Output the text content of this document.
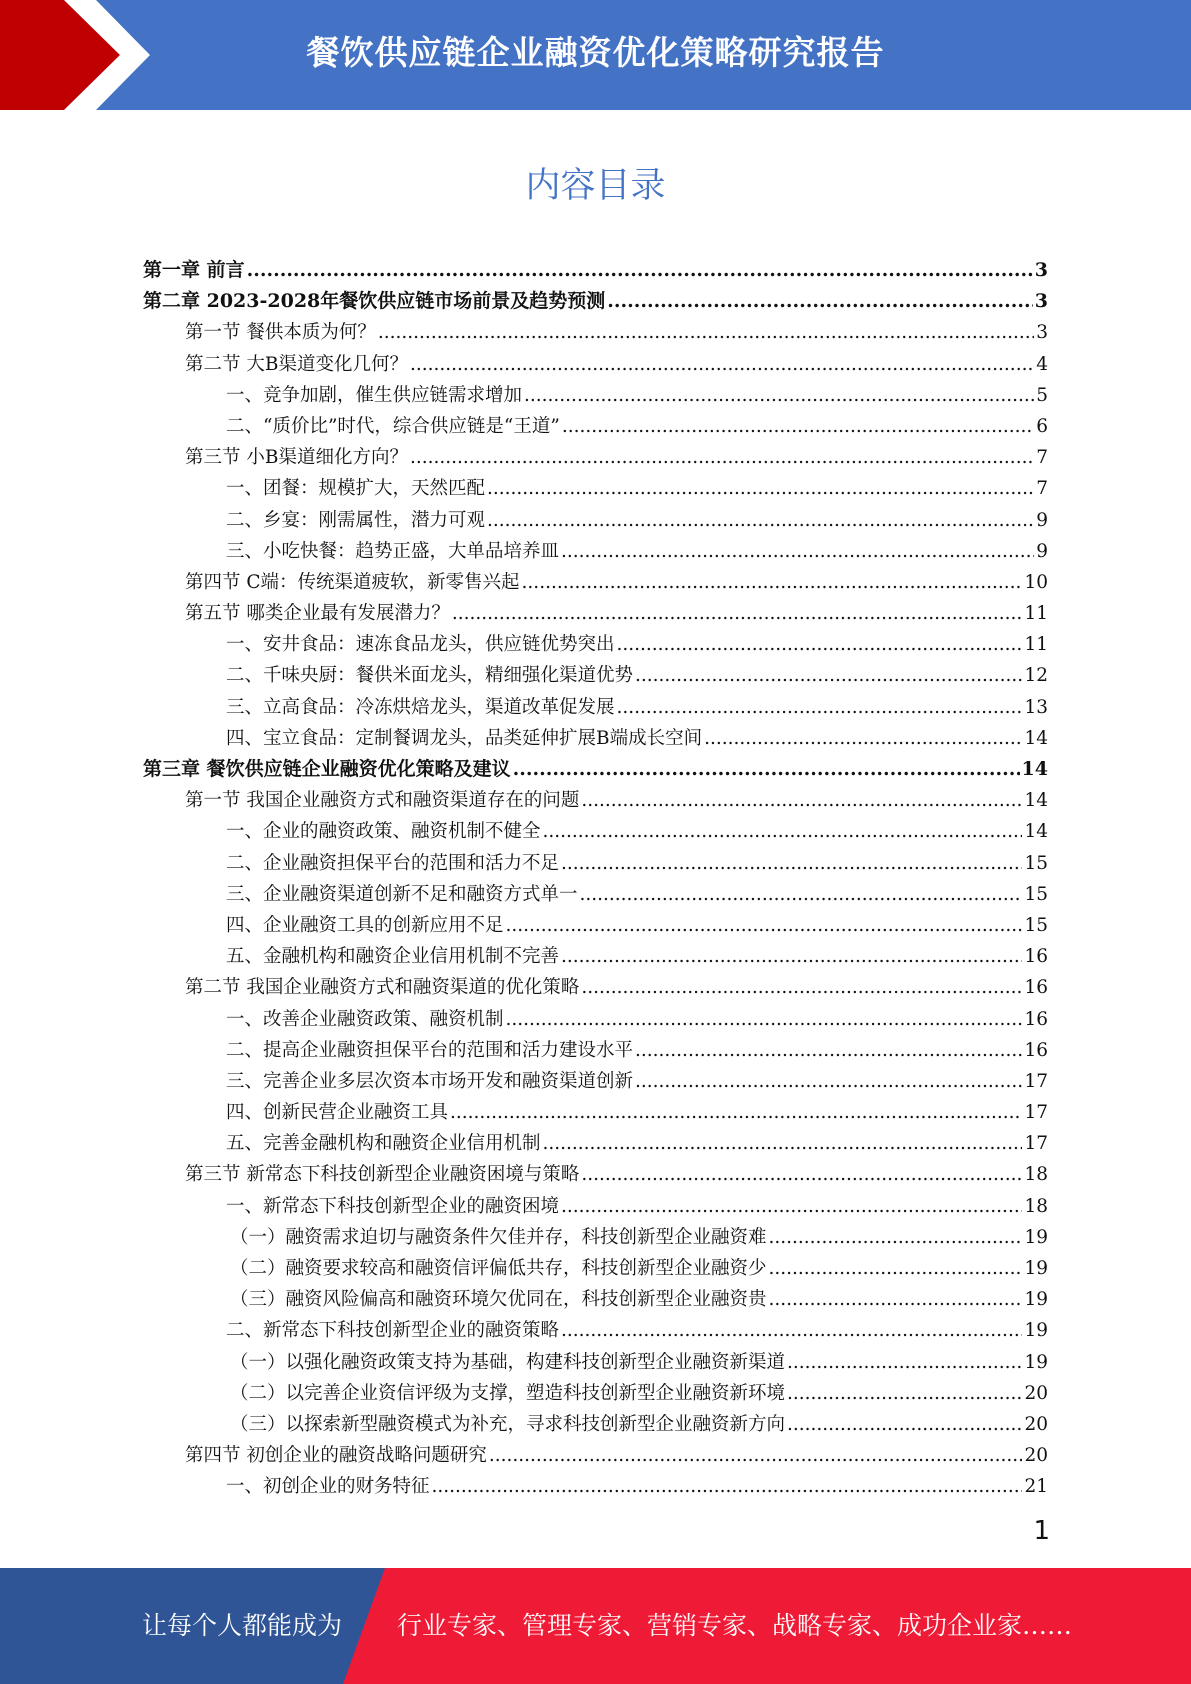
餐饮供应链企业融资优化策略研究报告
内容目录
第一章 前言 .....	3
第二章 2023-2028年餐饮供应链市场前景及趋势预测 .....	3
第一节 餐供本质为何？ .....	3
第二节 大B渠道变化几何？ .....	4
一、竞争加剧，催生供应链需求增加 .....	5
二、“质价比”时代，综合供应链是“王道” .....	6
第三节 小B渠道细化方向？ .....	7
一、团餐：规模扩大，天然匹配 .....	7
二、乡宴：刚需属性，潜力可观 .....	9
三、小吃快餐：趋势正盛，大单品培养皿 .....	9
第四节 C端：传统渠道疲软，新零售兴起 .....	10
第五节 哪类企业最有发展潜力？ .....	11
一、安井食品：速冻食品龙头，供应链优势突出 .....	11
二、千味央厨：餐供米面龙头，精细强化渠道优势 .....	12
三、立高食品：冷冻烘焙龙头，渠道改革促发展 .....	13
四、宝立食品：定制餐调龙头，品类延伸扩展B端成长空间 .....	14
第三章 餐饮供应链企业融资优化策略及建议 .....	14
第一节 我国企业融资方式和融资渠道存在的问题 .....	14
一、企业的融资政策、融资机制不健全 .....	14
二、企业融资担保平台的范围和活力不足 .....	15
三、企业融资渠道创新不足和融资方式单一 .....	15
四、企业融资工具的创新应用不足 .....	15
五、金融机构和融资企业信用机制不完善 .....	16
第二节 我国企业融资方式和融资渠道的优化策略 .....	16
一、改善企业融资政策、融资机制 .....	16
二、提高企业融资担保平台的范围和活力建设水平 .....	16
三、完善企业多层次资本市场开发和融资渠道创新 .....	17
四、创新民营企业融资工具 .....	17
五、完善金融机构和融资企业信用机制 .....	17
第三节 新常态下科技创新型企业融资困境与策略 .....	18
一、新常态下科技创新型企业的融资困境 .....	18
（一）融资需求迫切与融资条件欠佳并存，科技创新型企业融资难 .....	19
（二）融资要求较高和融资信评偏低共存，科技创新型企业融资少 .....	19
（三）融资风险偏高和融资环境欠优同在，科技创新型企业融资贵 .....	19
二、新常态下科技创新型企业的融资策略 .....	19
（一）以强化融资政策支持为基础，构建科技创新型企业融资新渠道 .....	19
（二）以完善企业资信评级为支撑，塑造科技创新型企业融资新环境 .....	20
（三）以探索新型融资模式为补充，寻求科技创新型企业融资新方向 .....	20
第四节 初创企业的融资战略问题研究 .....	20
一、初创企业的财务特征 .....	21
1
让每个人都能成为 行业专家、管理专家、营销专家、战略专家、成功企业家……
